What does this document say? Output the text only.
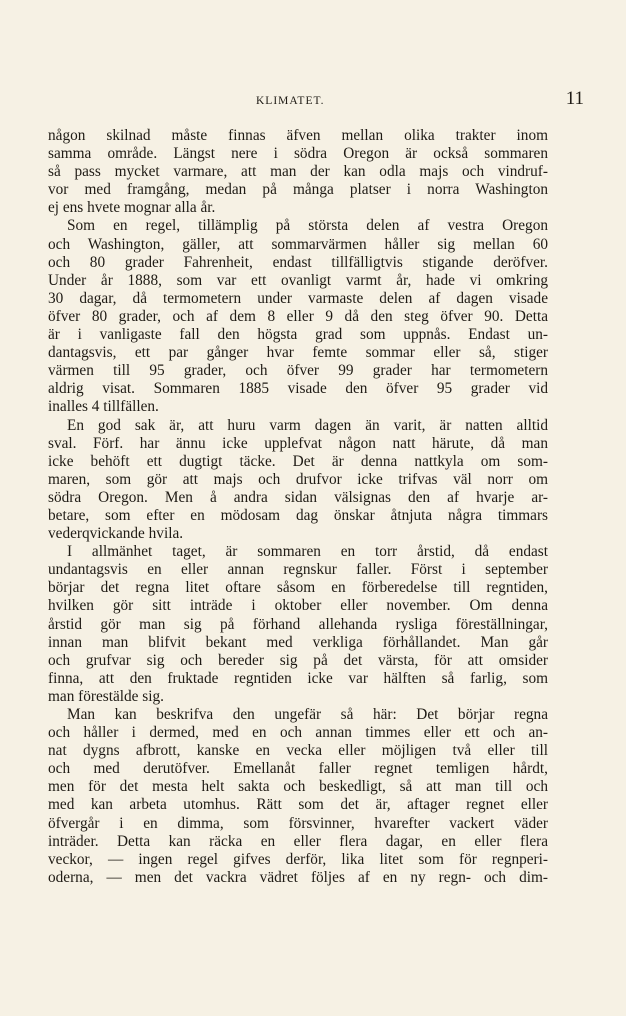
KLIMATET.	11
någon skilnad måste finnas äfven mellan olika trakter inom
samma område. Längst nere i södra Oregon är också sommaren
så pass mycket varmare, att man der kan odla majs och vindruf-
vor med framgång, medan på många platser i norra Washington
ej ens hvete mognar alla år.
Som en regel, tillämplig på största delen af vestra Oregon
och Washington, gäller, att sommarvärmen håller sig mellan 60
och 80 grader Fahrenheit, endast tillfälligtvis stigande deröfver.
Under år 1888, som var ett ovanligt varmt år, hade vi omkring
30 dagar, då termometern under varmaste delen af dagen visade
öfver 80 grader, och af dem 8 eller 9 då den steg öfver 90. Detta
är i vanligaste fall den högsta grad som uppnås. Endast un-
dantagsvis, ett par gånger hvar femte sommar eller så, stiger
värmen till 95 grader, och öfver 99 grader har termometern
aldrig visat. Sommaren 1885 visade den öfver 95 grader vid
inalles 4 tillfällen.
En god sak är, att huru varm dagen än varit, är natten alltid
sval. Förf. har ännu icke upplefvat någon natt härute, då man
icke behöft ett dugtigt täcke. Det är denna nattkyla om som-
maren, som gör att majs och drufvor icke trifvas väl norr om
södra Oregon. Men å andra sidan välsignas den af hvarje ar-
betare, som efter en mödosam dag önskar åtnjuta några timmars
vederqvickande hvila.
I allmänhet taget, är sommaren en torr årstid, då endast
undantagsvis en eller annan regnskur faller. Först i september
börjar det regna litet oftare såsom en förberedelse till regntiden,
hvilken gör sitt inträde i oktober eller november. Om denna
årstid gör man sig på förhand allehanda rysliga föreställningar,
innan man blifvit bekant med verkliga förhållandet. Man går
och grufvar sig och bereder sig på det värsta, för att omsider
finna, att den fruktade regntiden icke var hälften så farlig, som
man förestälde sig.
Man kan beskrifva den ungefär så här: Det börjar regna
och håller i dermed, med en och annan timmes eller ett och an-
nat dygns afbrott, kanske en vecka eller möjligen två eller till
och med derutöfver. Emellanåt faller regnet temligen hårdt,
men för det mesta helt sakta och beskedligt, så att man till och
med kan arbeta utomhus. Rätt som det är, aftager regnet eller
öfvergår i en dimma, som försvinner, hvarefter vackert väder
inträder. Detta kan räcka en eller flera dagar, en eller flera
veckor, — ingen regel gifves derför, lika litet som för regnperi-
oderna, — men det vackra vädret följes af en ny regn- och dim-
